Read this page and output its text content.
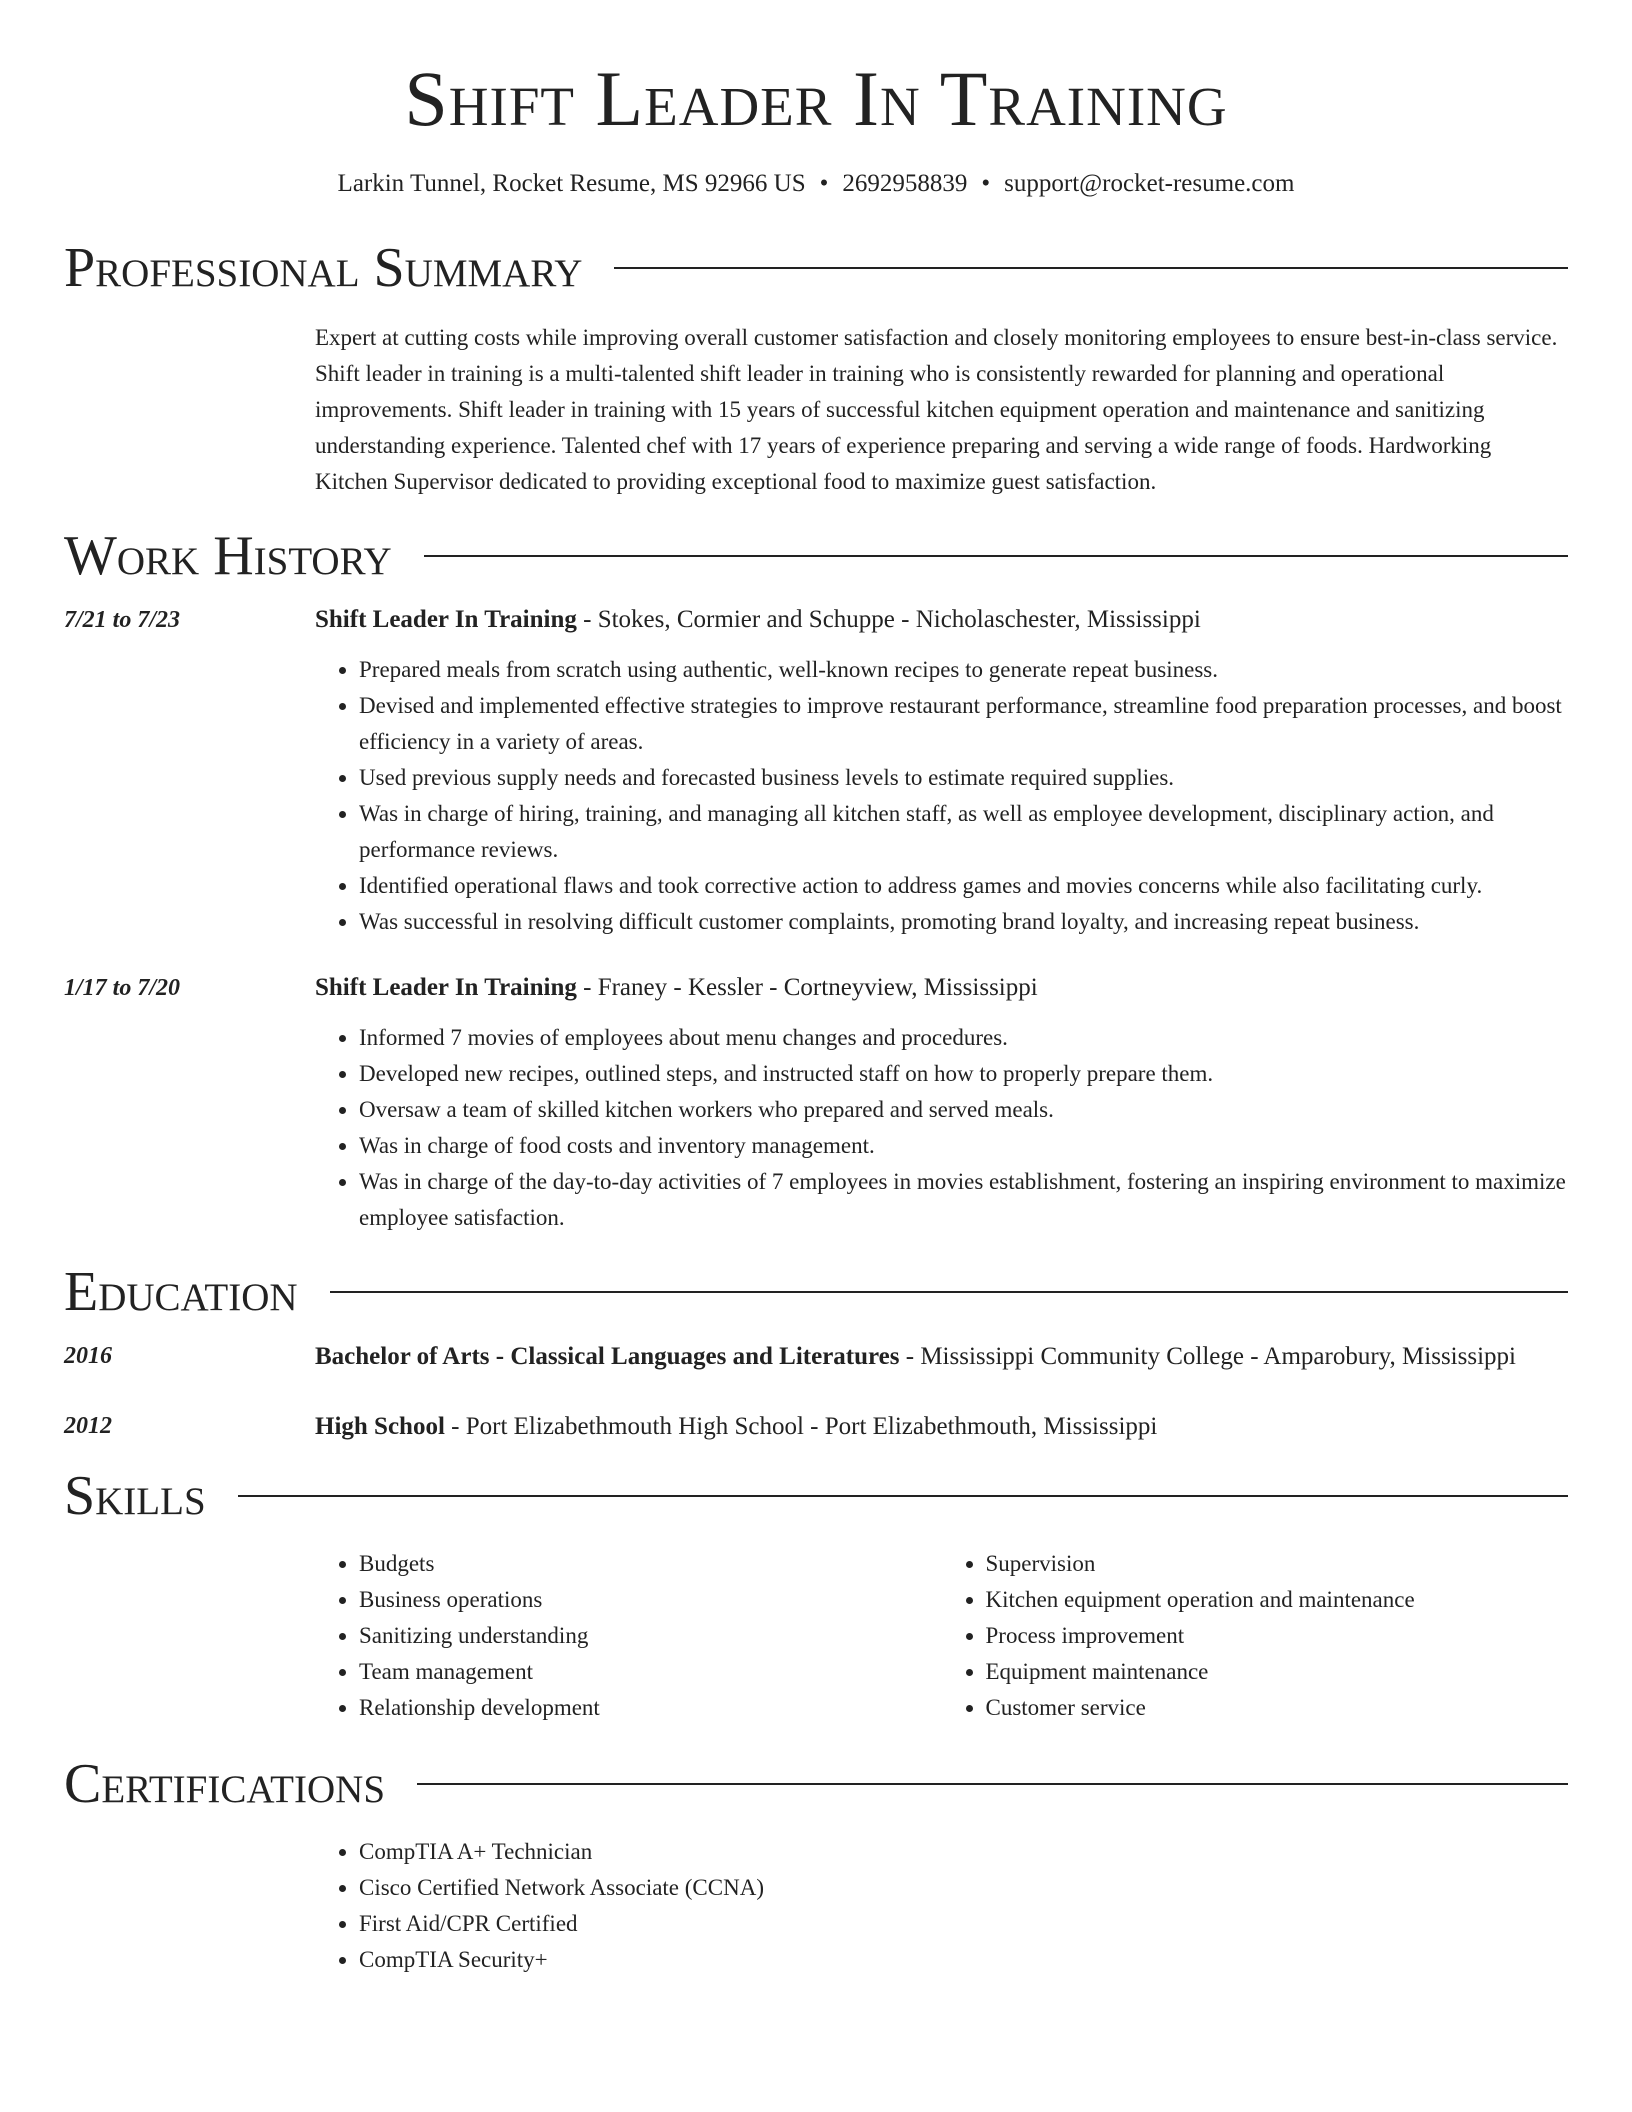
Shift Leader In Training
Larkin Tunnel, Rocket Resume, MS 92966 US • 2692958839 • support@rocket-resume.com
Professional Summary
Expert at cutting costs while improving overall customer satisfaction and closely monitoring employees to ensure best-in-class service. Shift leader in training is a multi-talented shift leader in training who is consistently rewarded for planning and operational improvements. Shift leader in training with 15 years of successful kitchen equipment operation and maintenance and sanitizing understanding experience. Talented chef with 17 years of experience preparing and serving a wide range of foods. Hardworking Kitchen Supervisor dedicated to providing exceptional food to maximize guest satisfaction.
Work History
7/21 to 7/23	Shift Leader In Training - Stokes, Cormier and Schuppe - Nicholaschester, Mississippi
• Prepared meals from scratch using authentic, well-known recipes to generate repeat business.
• Devised and implemented effective strategies to improve restaurant performance, streamline food preparation processes, and boost efficiency in a variety of areas.
• Used previous supply needs and forecasted business levels to estimate required supplies.
• Was in charge of hiring, training, and managing all kitchen staff, as well as employee development, disciplinary action, and performance reviews.
• Identified operational flaws and took corrective action to address games and movies concerns while also facilitating curly.
• Was successful in resolving difficult customer complaints, promoting brand loyalty, and increasing repeat business.
1/17 to 7/20	Shift Leader In Training - Franey - Kessler - Cortneyview, Mississippi
• Informed 7 movies of employees about menu changes and procedures.
• Developed new recipes, outlined steps, and instructed staff on how to properly prepare them.
• Oversaw a team of skilled kitchen workers who prepared and served meals.
• Was in charge of food costs and inventory management.
• Was in charge of the day-to-day activities of 7 employees in movies establishment, fostering an inspiring environment to maximize employee satisfaction.
Education
2016	Bachelor of Arts - Classical Languages and Literatures - Mississippi Community College - Amparobury, Mississippi
2012	High School - Port Elizabethmouth High School - Port Elizabethmouth, Mississippi
Skills
• Budgets
• Business operations
• Sanitizing understanding
• Team management
• Relationship development
• Supervision
• Kitchen equipment operation and maintenance
• Process improvement
• Equipment maintenance
• Customer service
Certifications
• CompTIA A+ Technician
• Cisco Certified Network Associate (CCNA)
• First Aid/CPR Certified
• CompTIA Security+
